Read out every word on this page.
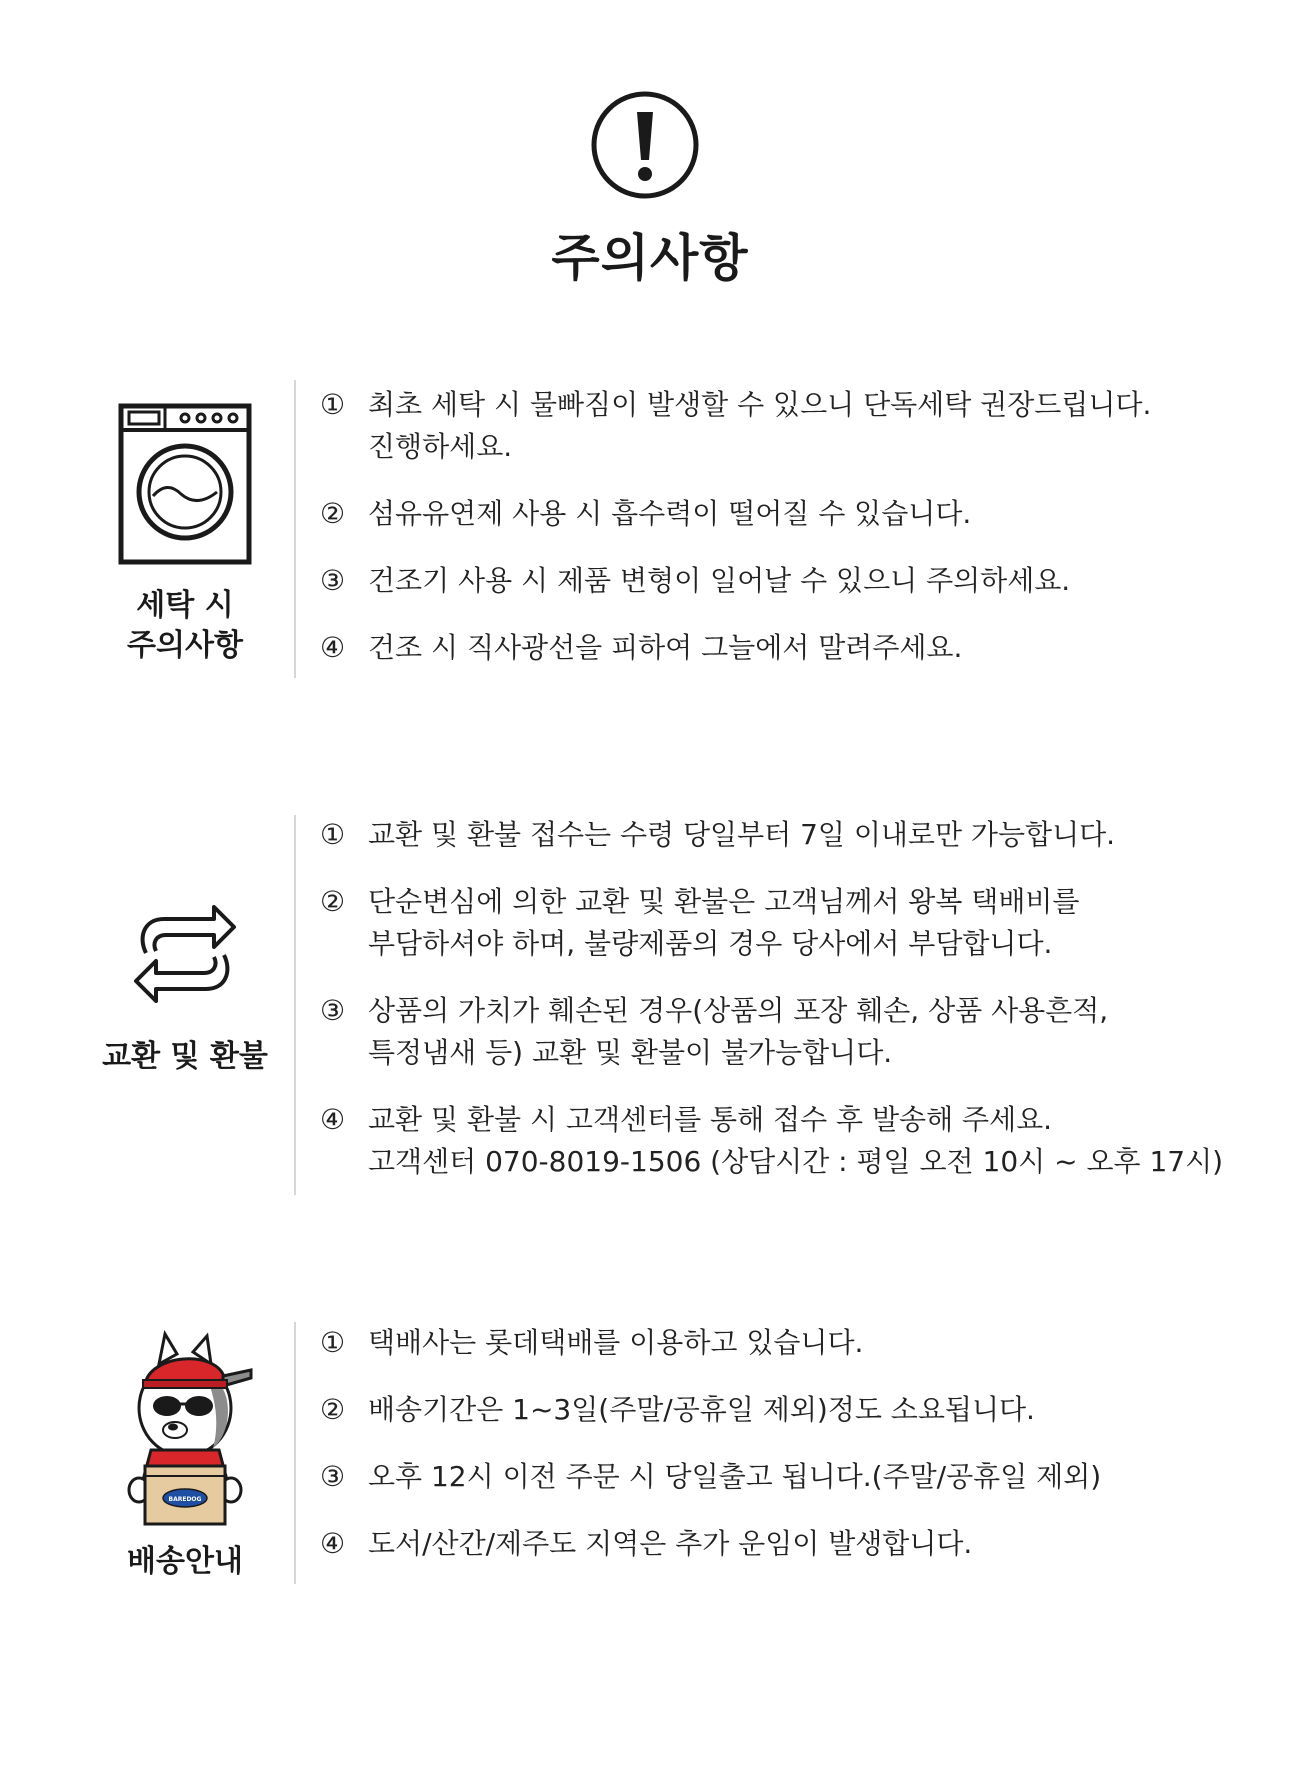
주의사항
세탁 시
주의사항
① 최초 세탁 시 물빠짐이 발생할 수 있으니 단독세탁 권장드립니다.
진행하세요.
② 섬유유연제 사용 시 흡수력이 떨어질 수 있습니다.
③ 건조기 사용 시 제품 변형이 일어날 수 있으니 주의하세요.
④ 건조 시 직사광선을 피하여 그늘에서 말려주세요.
교환 및 환불
① 교환 및 환불 접수는 수령 당일부터 7일 이내로만 가능합니다.
② 단순변심에 의한 교환 및 환불은 고객님께서 왕복 택배비를
부담하셔야 하며, 불량제품의 경우 당사에서 부담합니다.
③ 상품의 가치가 훼손된 경우(상품의 포장 훼손, 상품 사용흔적,
특정냄새 등) 교환 및 환불이 불가능합니다.
④ 교환 및 환불 시 고객센터를 통해 접수 후 발송해 주세요.
고객센터 070-8019-1506 (상담시간 : 평일 오전 10시 ~ 오후 17시)
BAREDOG
배송안내
① 택배사는 롯데택배를 이용하고 있습니다.
② 배송기간은 1~3일(주말/공휴일 제외)정도 소요됩니다.
③ 오후 12시 이전 주문 시 당일출고 됩니다.(주말/공휴일 제외)
④ 도서/산간/제주도 지역은 추가 운임이 발생합니다.
